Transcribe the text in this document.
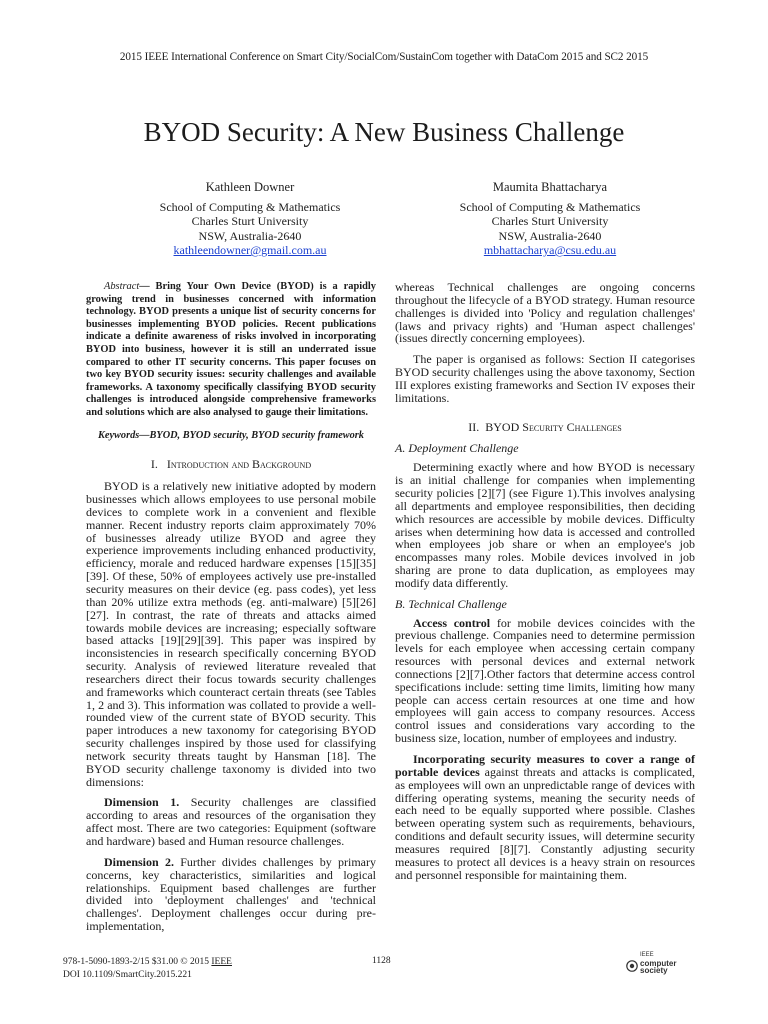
2015 IEEE International Conference on Smart City/SocialCom/SustainCom together with DataCom 2015 and SC2 2015
BYOD Security: A New Business Challenge
Kathleen Downer
School of Computing & Mathematics
Charles Sturt University
NSW, Australia-2640
kathleendowner@gmail.com.au
Maumita Bhattacharya
School of Computing & Mathematics
Charles Sturt University
NSW, Australia-2640
mbhattacharya@csu.edu.au

Abstract— Bring Your Own Device (BYOD) is a rapidly growing trend in businesses concerned with information technology. BYOD presents a unique list of security concerns for businesses implementing BYOD policies. Recent publications indicate a definite awareness of risks involved in incorporating BYOD into business, however it is still an underrated issue compared to other IT security concerns. This paper focuses on two key BYOD security issues: security challenges and available frameworks. A taxonomy specifically classifying BYOD security challenges is introduced alongside comprehensive frameworks and solutions which are also analysed to gauge their limitations.

Keywords—BYOD, BYOD security, BYOD security framework

I. Introduction and Background

BYOD is a relatively new initiative adopted by modern businesses which allows employees to use personal mobile devices to complete work in a convenient and flexible manner. Recent industry reports claim approximately 70% of businesses already utilize BYOD and agree they experience improvements including enhanced productivity, efficiency, morale and reduced hardware expenses [15][35][39]. Of these, 50% of employees actively use pre-installed security measures on their device (eg. pass codes), yet less than 20% utilize extra methods (eg. anti-malware) [5][26][27]. In contrast, the rate of threats and attacks aimed towards mobile devices are increasing; especially software based attacks [19][29][39]. This paper was inspired by inconsistencies in research specifically concerning BYOD security. Analysis of reviewed literature revealed that researchers direct their focus towards security challenges and frameworks which counteract certain threats (see Tables 1, 2 and 3). This information was collated to provide a well-rounded view of the current state of BYOD security. This paper introduces a new taxonomy for categorising BYOD security challenges inspired by those used for classifying network security threats taught by Hansman [18]. The BYOD security challenge taxonomy is divided into two dimensions:

Dimension 1. Security challenges are classified according to areas and resources of the organisation they affect most. There are two categories: Equipment (software and hardware) based and Human resource challenges.

Dimension 2. Further divides challenges by primary concerns, key characteristics, similarities and logical relationships. Equipment based challenges are further divided into 'deployment challenges' and 'technical challenges'. Deployment challenges occur during pre-implementation,

whereas Technical challenges are ongoing concerns throughout the lifecycle of a BYOD strategy. Human resource challenges is divided into 'Policy and regulation challenges' (laws and privacy rights) and 'Human aspect challenges' (issues directly concerning employees).

The paper is organised as follows: Section II categorises BYOD security challenges using the above taxonomy, Section III explores existing frameworks and Section IV exposes their limitations.

II. BYOD Security Challenges

A. Deployment Challenge

Determining exactly where and how BYOD is necessary is an initial challenge for companies when implementing security policies [2][7] (see Figure 1).This involves analysing all departments and employee responsibilities, then deciding which resources are accessible by mobile devices. Difficulty arises when determining how data is accessed and controlled when employees job share or when an employee's job encompasses many roles. Mobile devices involved in job sharing are prone to data duplication, as employees may modify data differently.

B. Technical Challenge

Access control for mobile devices coincides with the previous challenge. Companies need to determine permission levels for each employee when accessing certain company resources with personal devices and external network connections [2][7].Other factors that determine access control specifications include: setting time limits, limiting how many people can access certain resources at one time and how employees will gain access to company resources. Access control issues and considerations vary according to the business size, location, number of employees and industry.

Incorporating security measures to cover a range of portable devices against threats and attacks is complicated, as employees will own an unpredictable range of devices with differing operating systems, meaning the security needs of each need to be equally supported where possible. Clashes between operating system such as requirements, behaviours, conditions and default security issues, will determine security measures required [8][7]. Constantly adjusting security measures to protect all devices is a heavy strain on resources and personnel responsible for maintaining them.

978-1-5090-1893-2/15 $31.00 © 2015 IEEE
DOI 10.1109/SmartCity.2015.221
1128
IEEE
computer
society
